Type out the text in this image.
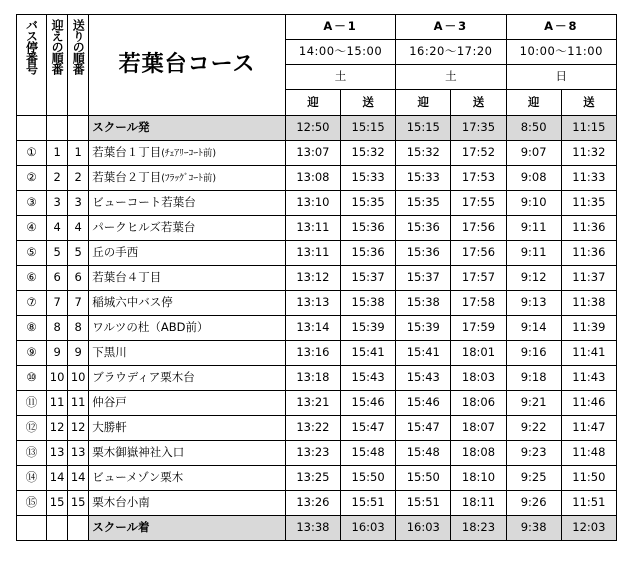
バス停番号	迎えの順番	送りの順番	若葉台コース	A－1		A－3		A－8	
				14:00～15:00		16:20～17:20		10:00～11:00	
				土		土		日	
				迎	送	迎	送	迎	送
			スクール発	12:50	15:15	15:15	17:35	8:50	11:15
①	1	1	若葉台１丁目(ﾁｪｱﾘｰｺｰﾄ前)	13:07	15:32	15:32	17:52	9:07	11:32
②	2	2	若葉台２丁目(ﾌﾗｯｸﾞｺｰﾄ前)	13:08	15:33	15:33	17:53	9:08	11:33
③	3	3	ビューコート若葉台	13:10	15:35	15:35	17:55	9:10	11:35
④	4	4	パークヒルズ若葉台	13:11	15:36	15:36	17:56	9:11	11:36
⑤	5	5	丘の手西	13:11	15:36	15:36	17:56	9:11	11:36
⑥	6	6	若葉台４丁目	13:12	15:37	15:37	17:57	9:12	11:37
⑦	7	7	稲城六中バス停	13:13	15:38	15:38	17:58	9:13	11:38
⑧	8	8	ワルツの杜（ABD前）	13:14	15:39	15:39	17:59	9:14	11:39
⑨	9	9	下黒川	13:16	15:41	15:41	18:01	9:16	11:41
⑩	10	10	ブラウディア栗木台	13:18	15:43	15:43	18:03	9:18	11:43
⑪	11	11	仲谷戸	13:21	15:46	15:46	18:06	9:21	11:46
⑫	12	12	大勝軒	13:22	15:47	15:47	18:07	9:22	11:47
⑬	13	13	栗木御嶽神社入口	13:23	15:48	15:48	18:08	9:23	11:48
⑭	14	14	ビューメゾン栗木	13:25	15:50	15:50	18:10	9:25	11:50
⑮	15	15	栗木台小南	13:26	15:51	15:51	18:11	9:26	11:51
			スクール着	13:38	16:03	16:03	18:23	9:38	12:03
